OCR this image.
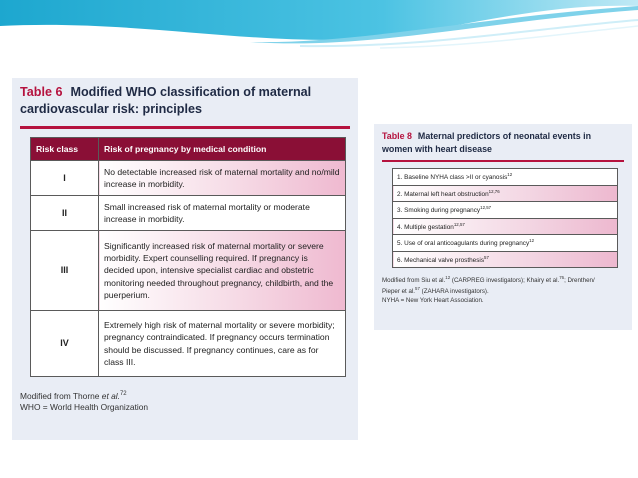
Table 6 Modified WHO classification of maternal cardiovascular risk: principles
Risk class	Risk of pregnancy by medical condition
I	No detectable increased risk of maternal mortality and no/mild increase in morbidity.
II	Small increased risk of maternal mortality or moderate increase in morbidity.
III	Significantly increased risk of maternal mortality or severe morbidity. Expert counselling required. If pregnancy is decided upon, intensive specialist cardiac and obstetric monitoring needed throughout pregnancy, childbirth, and the puerperium.
IV	Extremely high risk of maternal mortality or severe morbidity; pregnancy contraindicated. If pregnancy occurs termination should be discussed. If pregnancy continues, care as for class III.
Modified from Thorne et al.$^{72}$
WHO = World Health Organization
Table 8 Maternal predictors of neonatal events in women with heart disease
1. Baseline NYHA class >II or cyanosis$^{12}$
2. Maternal left heart obstruction$^{12,76}$
3. Smoking during pregnancy$^{12,57}$
4. Multiple gestation$^{12,57}$
5. Use of oral anticoagulants during pregnancy$^{12}$
6. Mechanical valve prosthesis$^{57}$
Modified from Siu et al.$^{12}$ (CARPREG investigators); Khairy et al.$^{76}$; Drenthen/
Pieper et al.$^{57}$ (ZAHARA investigators).
NYHA = New York Heart Association.
